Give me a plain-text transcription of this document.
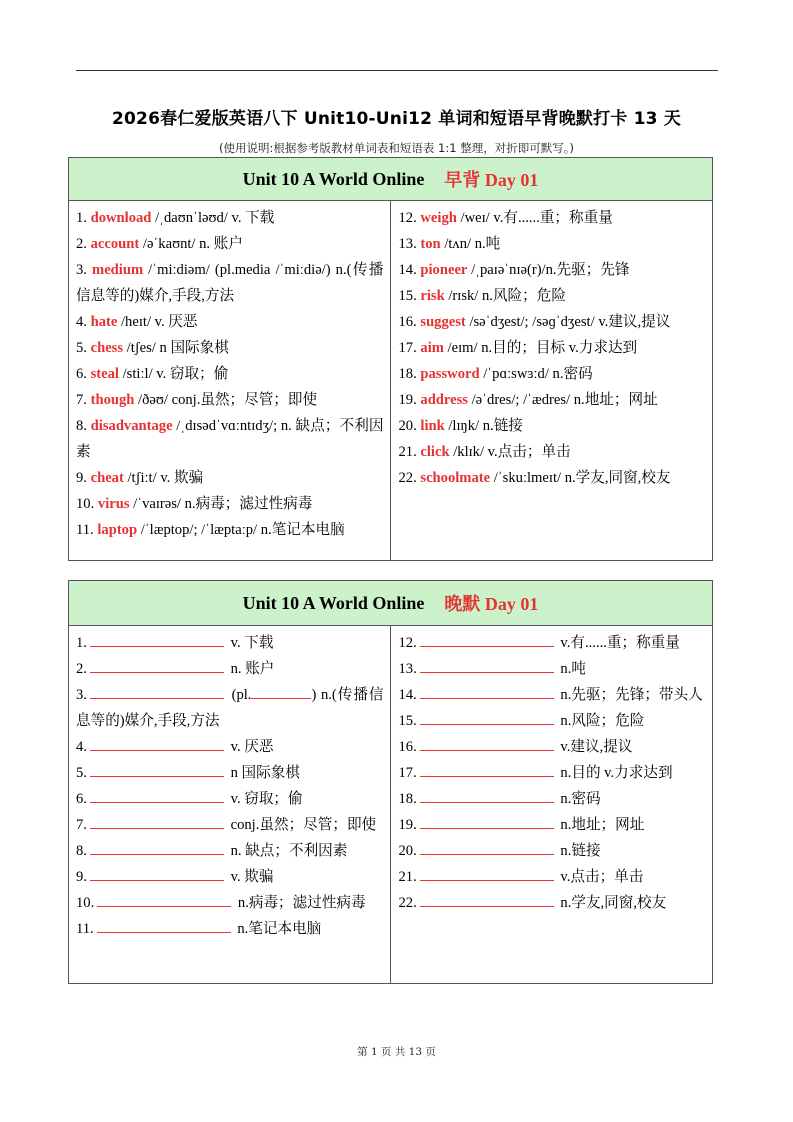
2026春仁爱版英语八下 Unit10-Uni12 单词和短语早背晚默打卡 13 天
(使用说明:根据参考版教材单词表和短语表 1:1 整理，对折即可默写。)
Unit 10 A World Online 早背 Day 01
1. download /ˌdaʊnˈləʊd/ v. 下载
2. account /əˈkaʊnt/ n. 账户
3. medium /ˈmiːdiəm/ (pl.media /ˈmiːdiə/) n.(传播信息等的)媒介,手段,方法
4. hate /heɪt/ v. 厌恶
5. chess /tʃes/ n 国际象棋
6. steal /stiːl/ v. 窃取；偷
7. though /ðəʊ/ conj.虽然；尽管；即使
8. disadvantage /ˌdɪsədˈvɑːntɪdʒ/; n. 缺点；不利因素
9. cheat /tʃiːt/ v. 欺骗
10. virus /ˈvaɪrəs/ n.病毒；滤过性病毒
11. laptop /ˈlæptop/; /ˈlæptaːp/ n.笔记本电脑
12. weigh /weɪ/ v.有......重；称重量
13. ton /tʌn/ n.吨
14. pioneer /ˌpaɪəˈnɪə(r)/n.先驱；先锋
15. risk /rɪsk/ n.风险；危险
16. suggest /səˈdʒest/; /səɡˈdʒest/ v.建议,提议
17. aim /eɪm/ n.目的；目标 v.力求达到
18. password /ˈpɑːswɜːd/ n.密码
19. address /əˈdres/; /ˈædres/ n.地址；网址
20. link /lɪŋk/ n.链接
21. click /klɪk/ v.点击；单击
22. schoolmate /ˈskuːlmeɪt/ n.学友,同窗,校友
Unit 10 A World Online 晚默 Day 01
1.	v. 下载
2.	n. 账户
3.	(pl.	) n.(传播信息等的)媒介,手段,方法
4.	v. 厌恶
5.	n 国际象棋
6.	v. 窃取；偷
7.	conj.虽然；尽管；即使
8.	n. 缺点；不利因素
9.	v. 欺骗
10.	n.病毒；滤过性病毒
11.	n.笔记本电脑
12.	v.有......重；称重量
13.	n.吨
14.	n.先驱；先锋；带头人
15.	n.风险；危险
16.	v.建议,提议
17.	n.目的 v.力求达到
18.	n.密码
19.	n.地址；网址
20.	n.链接
21.	v.点击；单击
22.	n.学友,同窗,校友
第 1 页 共 13 页
